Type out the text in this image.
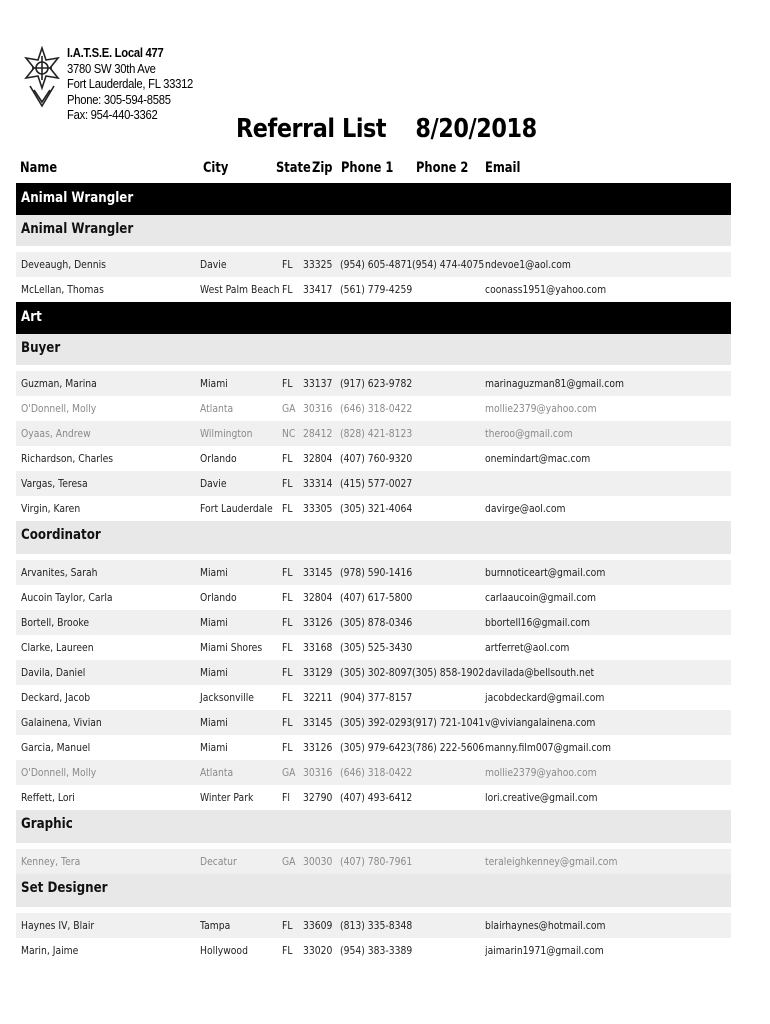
I.A.T.S.E. Local 477
3780 SW 30th Ave
Fort Lauderdale, FL 33312
Phone: 305-594-8585
Fax: 954-440-3362	Referral List 8/20/2018
Name	City	State Zip Phone 1 Phone 2 Email
Animal Wrangler
Animal Wrangler
Deveaugh, Dennis	Davie	FL 33325 (954) 605-4871 (954) 474-4075 ndevoe1@aol.com
McLellan, Thomas	West Palm Beach FL 33417 (561) 779-4259	coonass1951@yahoo.com
Art
Buyer
Guzman, Marina	Miami	FL 33137 (917) 623-9782	marinaguzman81@gmail.com
O'Donnell, Molly	Atlanta	GA 30316 (646) 318-0422	mollie2379@yahoo.com
Oyaas, Andrew	Wilmington	NC 28412 (828) 421-8123	theroo@gmail.com
Richardson, Charles	Orlando	FL 32804 (407) 760-9320	onemindart@mac.com
Vargas, Teresa	Davie	FL 33314 (415) 577-0027
Virgin, Karen	Fort Lauderdale FL 33305 (305) 321-4064	davirge@aol.com
Coordinator
Arvanites, Sarah	Miami	FL 33145 (978) 590-1416	burnnoticeart@gmail.com
Aucoin Taylor, Carla	Orlando	FL 32804 (407) 617-5800	carlaaucoin@gmail.com
Bortell, Brooke	Miami	FL 33126 (305) 878-0346	bbortell16@gmail.com
Clarke, Laureen	Miami Shores FL 33168 (305) 525-3430	artferret@aol.com
Davila, Daniel	Miami	FL 33129 (305) 302-8097 (305) 858-1902 davilada@bellsouth.net
Deckard, Jacob	Jacksonville	FL 32211 (904) 377-8157	jacobdeckard@gmail.com
Galainena, Vivian	Miami	FL 33145 (305) 392-0293 (917) 721-1041 v@viviangalainena.com
Garcia, Manuel	Miami	FL 33126 (305) 979-6423 (786) 222-5606 manny.film007@gmail.com
O'Donnell, Molly	Atlanta	GA 30316 (646) 318-0422	mollie2379@yahoo.com
Reffett, Lori	Winter Park	Fl 32790 (407) 493-6412	lori.creative@gmail.com
Graphic
Kenney, Tera	Decatur	GA 30030 (407) 780-7961	teraleighkenney@gmail.com
Set Designer
Haynes IV, Blair	Tampa	FL 33609 (813) 335-8348	blairhaynes@hotmail.com
Marin, Jaime	Hollywood	FL 33020 (954) 383-3389	jaimarin1971@gmail.com
